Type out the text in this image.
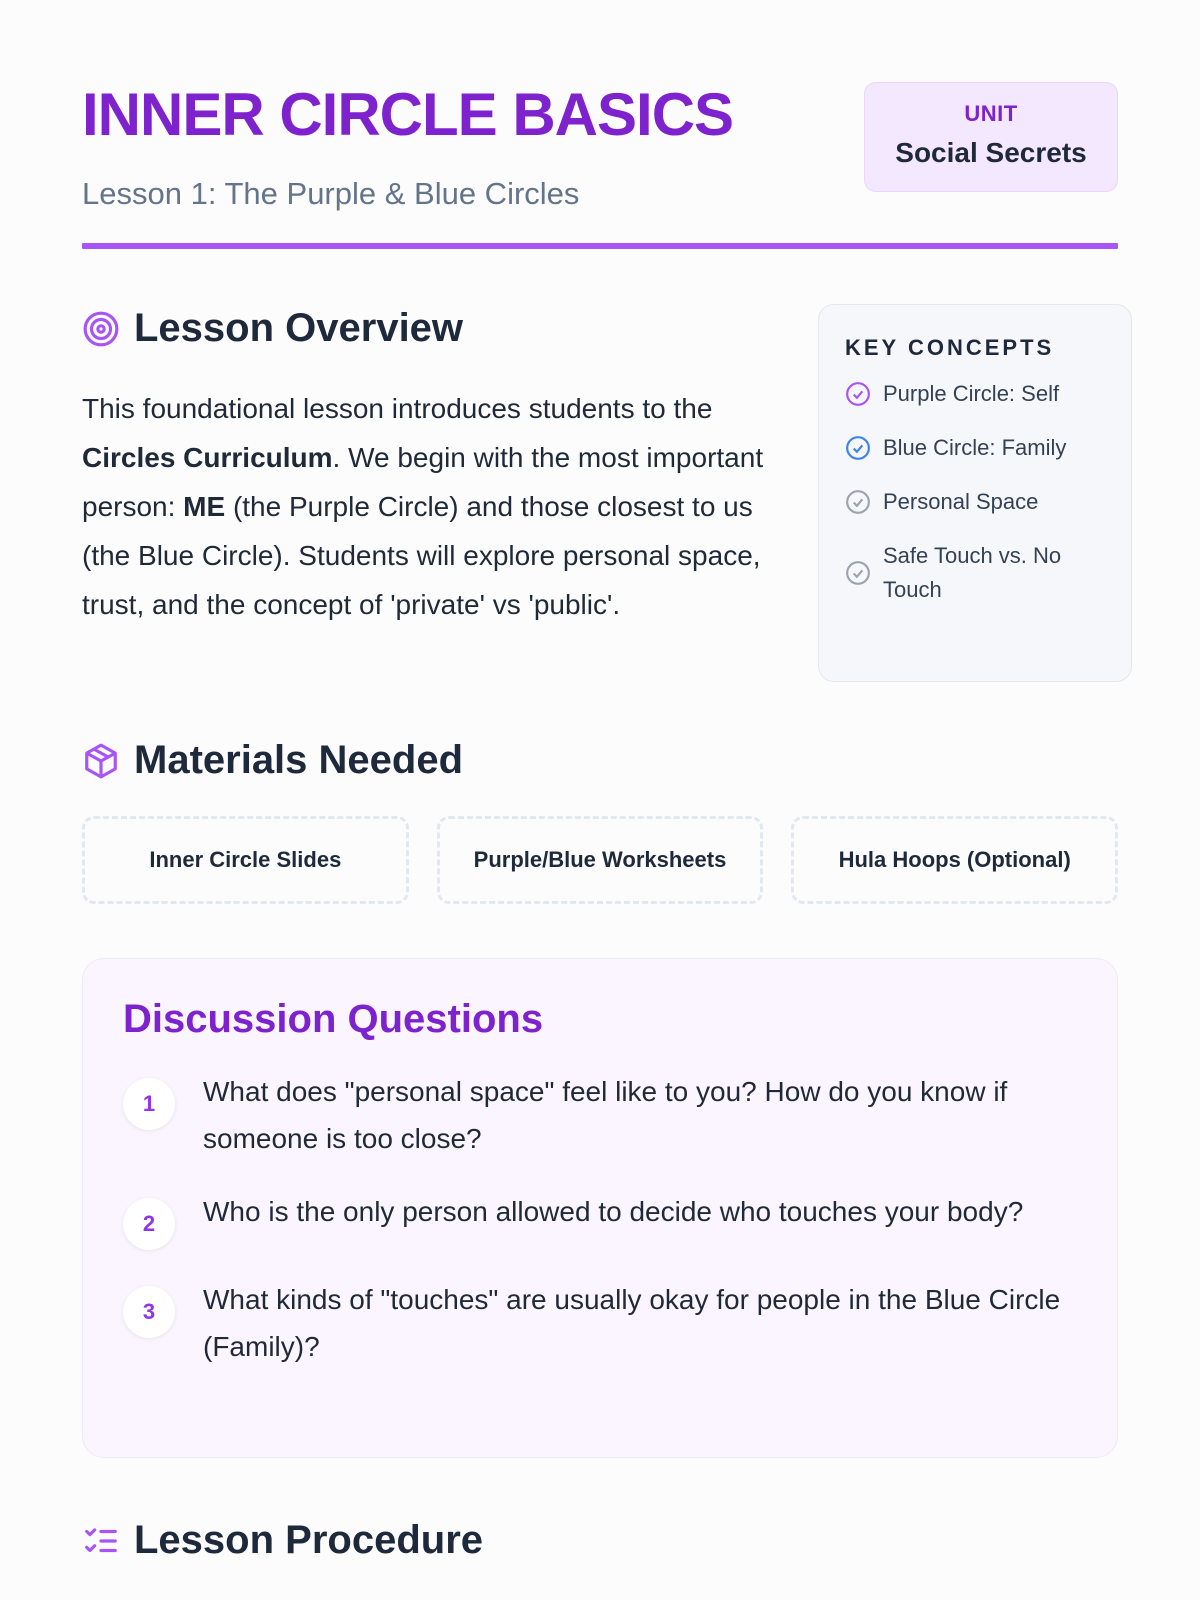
INNER CIRCLE BASICS
Lesson 1: The Purple & Blue Circles
UNIT
Social Secrets
Lesson Overview

This foundational lesson introduces students to the Circles Curriculum. We begin with the most important person: ME (the Purple Circle) and those closest to us (the Blue Circle). Students will explore personal space, trust, and the concept of 'private' vs 'public'.

KEY CONCEPTS
Purple Circle: Self
Blue Circle: Family
Personal Space
Safe Touch vs. No Touch
Materials Needed
Inner Circle Slides	Purple/Blue Worksheets	Hula Hoops (Optional)
Discussion Questions
1	What does "personal space" feel like to you? How do you know if someone is too close?
2	Who is the only person allowed to decide who touches your body?
3	What kinds of "touches" are usually okay for people in the Blue Circle (Family)?
Lesson Procedure
